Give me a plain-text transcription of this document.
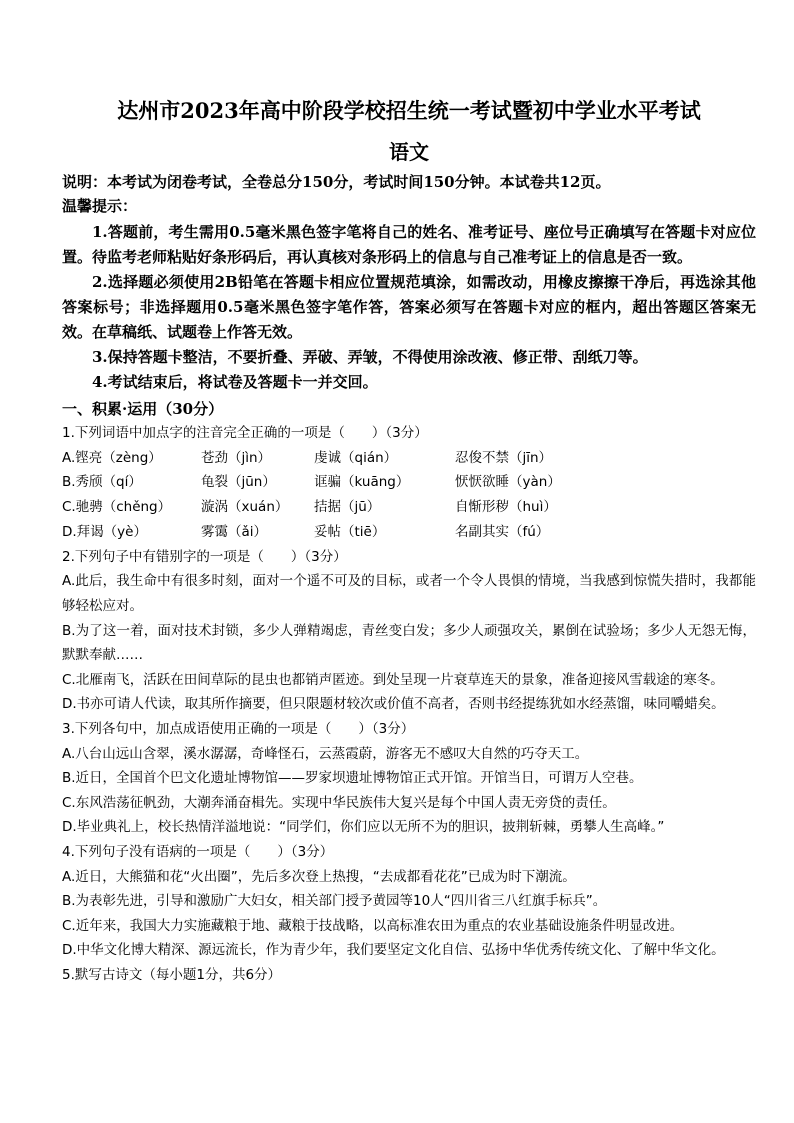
达州市2023年高中阶段学校招生统一考试暨初中学业水平考试
语文
说明：本考试为闭卷考试，全卷总分150分，考试时间150分钟。本试卷共12页。
温馨提示：

1.答题前，考生需用0.5毫米黑色签字笔将自己的姓名、准考证号、座位号正确填写在答题卡对应位置。待监考老师粘贴好条形码后，再认真核对条形码上的信息与自己准考证上的信息是否一致。

2.选择题必须使用2B铅笔在答题卡相应位置规范填涂，如需改动，用橡皮擦擦干净后，再选涂其他答案标号；非选择题用0.5毫米黑色签字笔作答，答案必须写在答题卡对应的框内，超出答题区答案无效。在草稿纸、试题卷上作答无效。

3.保持答题卡整洁，不要折叠、弄破、弄皱，不得使用涂改液、修正带、刮纸刀等。

4.考试结束后，将试卷及答题卡一并交回。

一、积累·运用（30分）
1.下列词语中加点字的注音完全正确的一项是（　　）（3分）
A.铿亮（zèng）	苍劲（jìn）	虔诚（qián）	忍俊不禁（jīn）
B.秀颀（qí）	龟裂（jūn）	诓骗（kuāng）	恹恹欲睡（yàn）
C.驰骋（chěng）	漩涡（xuán）	拮据（jū）	自惭形秽（huì）
D.拜谒（yè）	雾霭（ǎi）	妥帖（tiē）	名副其实（fú）
2.下列句子中有错别字的一项是（　　）（3分）
A.此后，我生命中有很多时刻，面对一个遥不可及的目标，或者一个令人畏惧的情境，当我感到惊慌失措时，我都能够轻松应对。
B.为了这一着，面对技术封锁，多少人弹精竭虑，青丝变白发；多少人顽强攻关，累倒在试验场；多少人无怨无悔，默默奉献……
C.北雁南飞，活跃在田间草际的昆虫也都销声匿迹。到处呈现一片衰草连天的景象，准备迎接风雪载途的寒冬。
D.书亦可请人代读，取其所作摘要，但只限题材较次或价值不高者，否则书经提练犹如水经蒸馏，味同嚼蜡矣。
3.下列各句中，加点成语使用正确的一项是（　　）（3分）
A.八台山远山含翠，溪水潺潺，奇峰怪石，云蒸霞蔚，游客无不感叹大自然的巧夺天工。
B.近日，全国首个巴文化遗址博物馆——罗家坝遗址博物馆正式开馆。开馆当日，可谓万人空巷。
C.东风浩荡征帆劲，大潮奔涌奋楫先。实现中华民族伟大复兴是每个中国人责无旁贷的责任。
D.毕业典礼上，校长热情洋溢地说：“同学们，你们应以无所不为的胆识，披荆斩棘，勇攀人生高峰。”
4.下列句子没有语病的一项是（　　）（3分）
A.近日，大熊猫和花“火出圈”，先后多次登上热搜，“去成都看花花”已成为时下潮流。
B.为表彰先进，引导和激励广大妇女，相关部门授予黄园等10人“四川省三八红旗手标兵”。
C.近年来，我国大力实施藏粮于地、藏粮于技战略，以高标准农田为重点的农业基础设施条件明显改进。
D.中华文化博大精深、源远流长，作为青少年，我们要坚定文化自信、弘扬中华优秀传统文化、了解中华文化。
5.默写古诗文（每小题1分，共6分）
